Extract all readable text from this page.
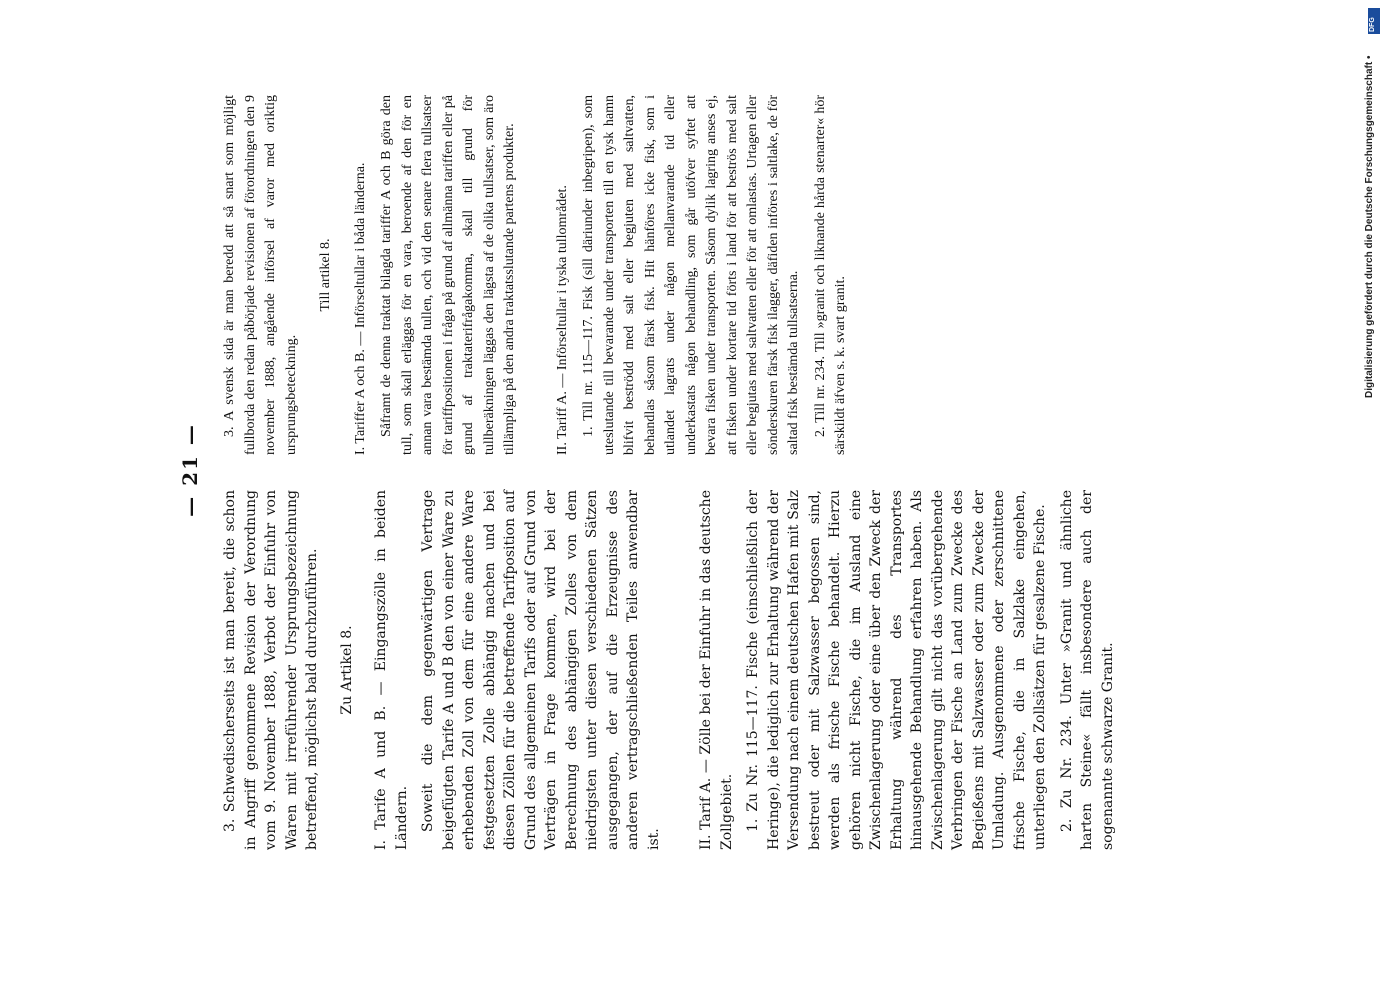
DFG
Digitalisierung gefördert durch die Deutsche Forschungsgemeinschaft •
— 21 —

3. Schwedischerseits ist man bereit, die schon in Angriff genommene Revision der Verordnung vom 9. November 1888, Verbot der Einfuhr von Waren mit irreführender Ursprungsbezeichnung betreffend, möglichst bald durchzuführen. Zu Artikel 8. I. Tarife A und B. — Eingangszölle in beiden Ländern. Soweit die dem gegenwärtigen Vertrage beigefügten Tarife A und B den von einer Ware zu erhebenden Zoll von dem für eine andere Ware festgesetzten Zolle abhängig machen und bei diesen Zöllen für die betreffende Tarifposition auf Grund des allgemeinen Tarifs oder auf Grund von Verträgen in Frage kommen, wird bei der Berechnung des abhängigen Zolles von dem niedrigsten unter diesen verschiedenen Sätzen ausgegangen, der auf die Erzeugnisse des anderen vertragschließenden Teiles anwendbar ist.	II. Tarif A. — Zölle bei der Einfuhr in das deutsche Zollgebiet. 1. Zu Nr. 115—117. Fische (einschließlich der Heringe), die lediglich zur Erhaltung während der Versendung nach einem deutschen Hafen mit Salz bestreut oder mit Salzwasser begossen sind, werden als frische Fische behandelt. Hierzu gehören nicht Fische, die im Ausland eine Zwischenlagerung oder eine über den Zweck der Erhaltung während des Transportes hinausgehende Behandlung erfahren haben. Als Zwischenlagerung gilt nicht das vorübergehende Verbringen der Fische an Land zum Zwecke des Begießens mit Salzwasser oder zum Zwecke der Umladung. Ausgenommene oder zerschnittene frische Fische, die in Salzlake eingehen, unterliegen den Zollsätzen für gesalzene Fische. 2. Zu Nr. 234. Unter »Granit und ähnliche harten Steine« fällt insbesondere auch der sogenannte schwarze Granit.

3. A svensk sida är man beredd att så snart som möjligt fullborda den redan påbörjade revisionen af förordningen den 9 november 1888, angående införsel af varor med oriktig ursprungsbeteckning.

Till artikel 8. I. Tariffer A och B. — Införseltullar i båda länderna. Såframt de denna traktat bilagda tariffer A och B göra den tull, som skall erläggas för en vara, beroende af den för en annan vara bestämda tullen, och vid den senare flera tullsatser för tariffpositionen i fråga på grund af allmänna tariffen eller på grund af traktaterifrågakomma, skall till grund för tullberäkningen läggas den lägsta af de olika tullsatser, som äro tillämpliga på den andra traktatsslutande partens produkter.	II. Tariff A. — Införseltullar i tyska tullområdet. 1. Till nr. 115—117. Fisk (sill däriunder inbegripen), som uteslutande till bevarande under transporten till en tysk hamn blifvit beströdd med salt eller begjuten med saltvatten, behandlas såsom färsk fisk. Hit hänföres icke fisk, som i utlandet lagrats under någon mellanvarande tid eller underkastats någon behandling, som går utöfver syftet att bevara fisken under transporten. Såsom dylik lagring anses ej, att fisken under kortare tid förts i land för att beströs med salt eller begjutas med saltvatten eller för att omlastas. Urtagen eller sönderskuren färsk fisk ilagger, däfiden införes i saltlake, de för saltad fisk bestämda tullsatserna. 2. Till nr. 234. Till »granit och liknande hårda stenarter« hör särskildt äfven s. k. svart granit.
